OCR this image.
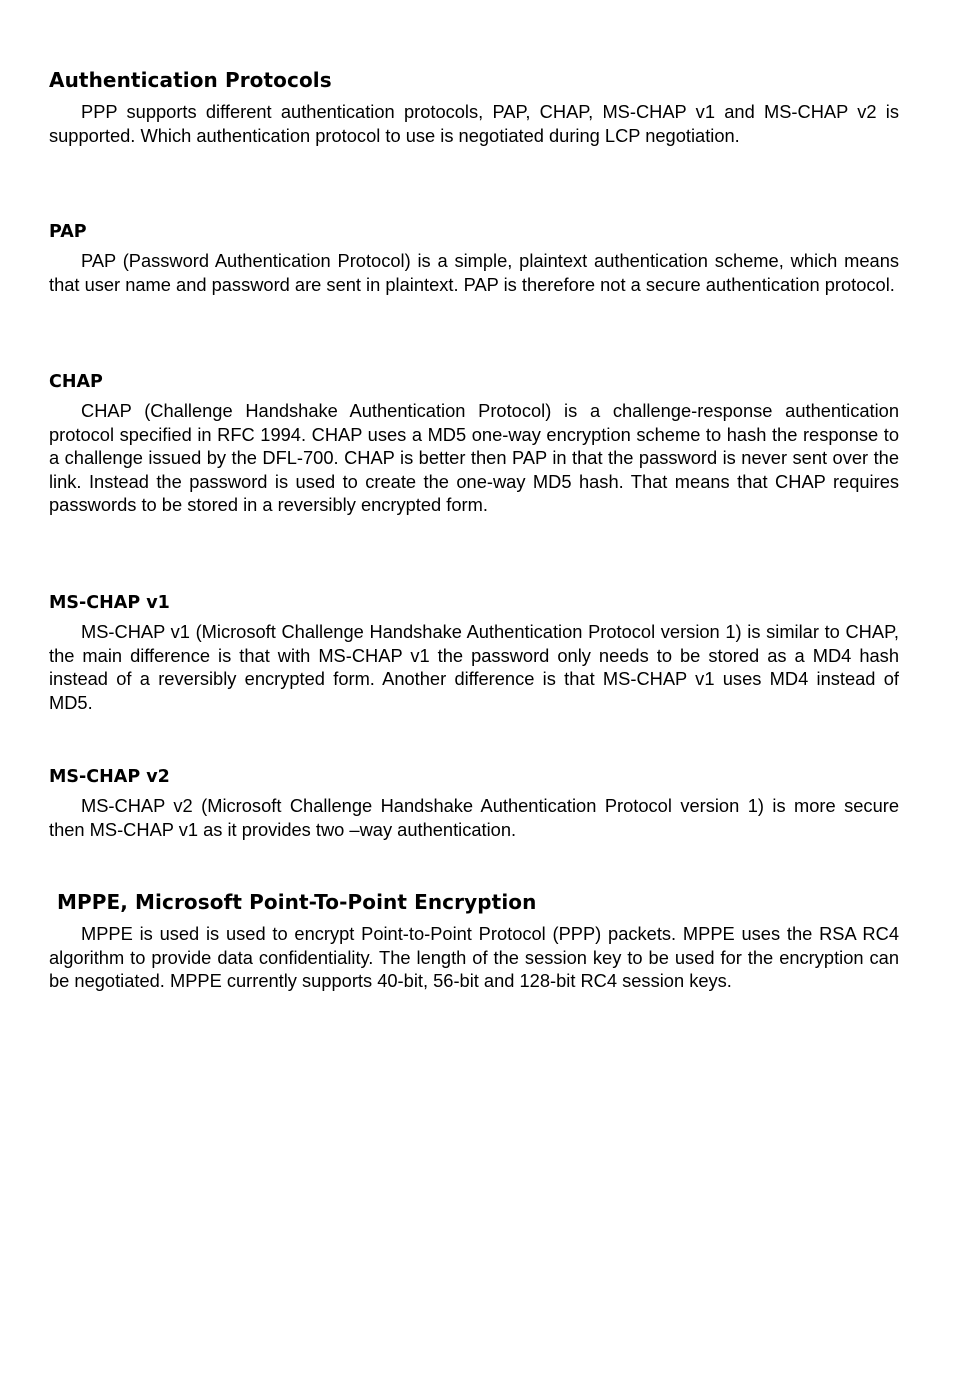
Authentication Protocols

PPP supports different authentication protocols, PAP, CHAP, MS-CHAP v1 and MS-CHAP v2 is supported. Which authentication protocol to use is negotiated during LCP negotiation.

PAP

PAP (Password Authentication Protocol) is a simple, plaintext authentication scheme, which means that user name and password are sent in plaintext. PAP is therefore not a secure authentication protocol.

CHAP

CHAP (Challenge Handshake Authentication Protocol) is a challenge-response authentication protocol specified in RFC 1994. CHAP uses a MD5 one-way encryption scheme to hash the response to a challenge issued by the DFL-700. CHAP is better then PAP in that the password is never sent over the link. Instead the password is used to create the one-way MD5 hash. That means that CHAP requires passwords to be stored in a reversibly encrypted form.

MS-CHAP v1

MS-CHAP v1 (Microsoft Challenge Handshake Authentication Protocol version 1) is similar to CHAP, the main difference is that with MS-CHAP v1 the password only needs to be stored as a MD4 hash instead of a reversibly encrypted form. Another difference is that MS-CHAP v1 uses MD4 instead of MD5.

MS-CHAP v2

MS-CHAP v2 (Microsoft Challenge Handshake Authentication Protocol version 1) is more secure then MS-CHAP v1 as it provides two –way authentication.

MPPE, Microsoft Point-To-Point Encryption

MPPE is used is used to encrypt Point-to-Point Protocol (PPP) packets. MPPE uses the RSA RC4 algorithm to provide data confidentiality. The length of the session key to be used for the encryption can be negotiated. MPPE currently supports 40-bit, 56-bit and 128-bit RC4 session keys.
